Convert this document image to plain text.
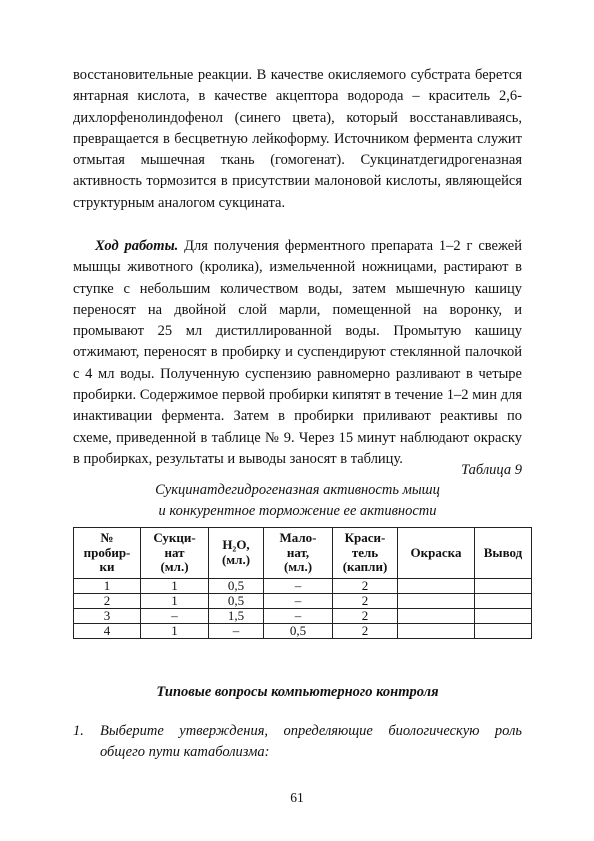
восстановительные реакции. В качестве окисляемого субстрата берется янтарная кислота, в качестве акцептора водорода – краситель 2,6-дихлорфенолиндофенол (синего цвета), который восстанавливаясь, превращается в бесцветную лейкоформу. Источником фермента служит отмытая мышечная ткань (гомогенат). Сукцинатдегидрогеназная активность тормозится в присутствии малоновой кислоты, являющейся структурным аналогом сукцината.

Ход работы. Для получения ферментного препарата 1–2 г свежей мышцы животного (кролика), измельченной ножницами, растирают в ступке с небольшим количеством воды, затем мышечную кашицу переносят на двойной слой марли, помещенной на воронку, и промывают 25 мл дистиллированной воды. Промытую кашицу отжимают, переносят в пробирку и суспендируют стеклянной палочкой с 4 мл воды. Полученную суспензию равномерно разливают в четыре пробирки. Содержимое первой пробирки кипятят в течение 1–2 мин для инактивации фермента. Затем в пробирки приливают реактивы по схеме, приведенной в таблице № 9. Через 15 минут наблюдают окраску в пробирках, результаты и выводы заносят в таблицу.

Таблица 9

Сукцинатдегидрогеназная активность мышц
и конкурентное торможение ее активности

№
пробир-
ки	Сукци-
нат
(мл.)	H₂O,
(мл.)	Мало-
нат,
(мл.)	Краси-
тель
(капли)	Окраска	Вывод
1	1	0,5	–	2		
2	1	0,5	–	2		
3	–	1,5	–	2		
4	1	–	0,5	2		

Типовые вопросы компьютерного контроля

1. Выберите утверждения, определяющие биологическую роль общего пути катаболизма:

61
